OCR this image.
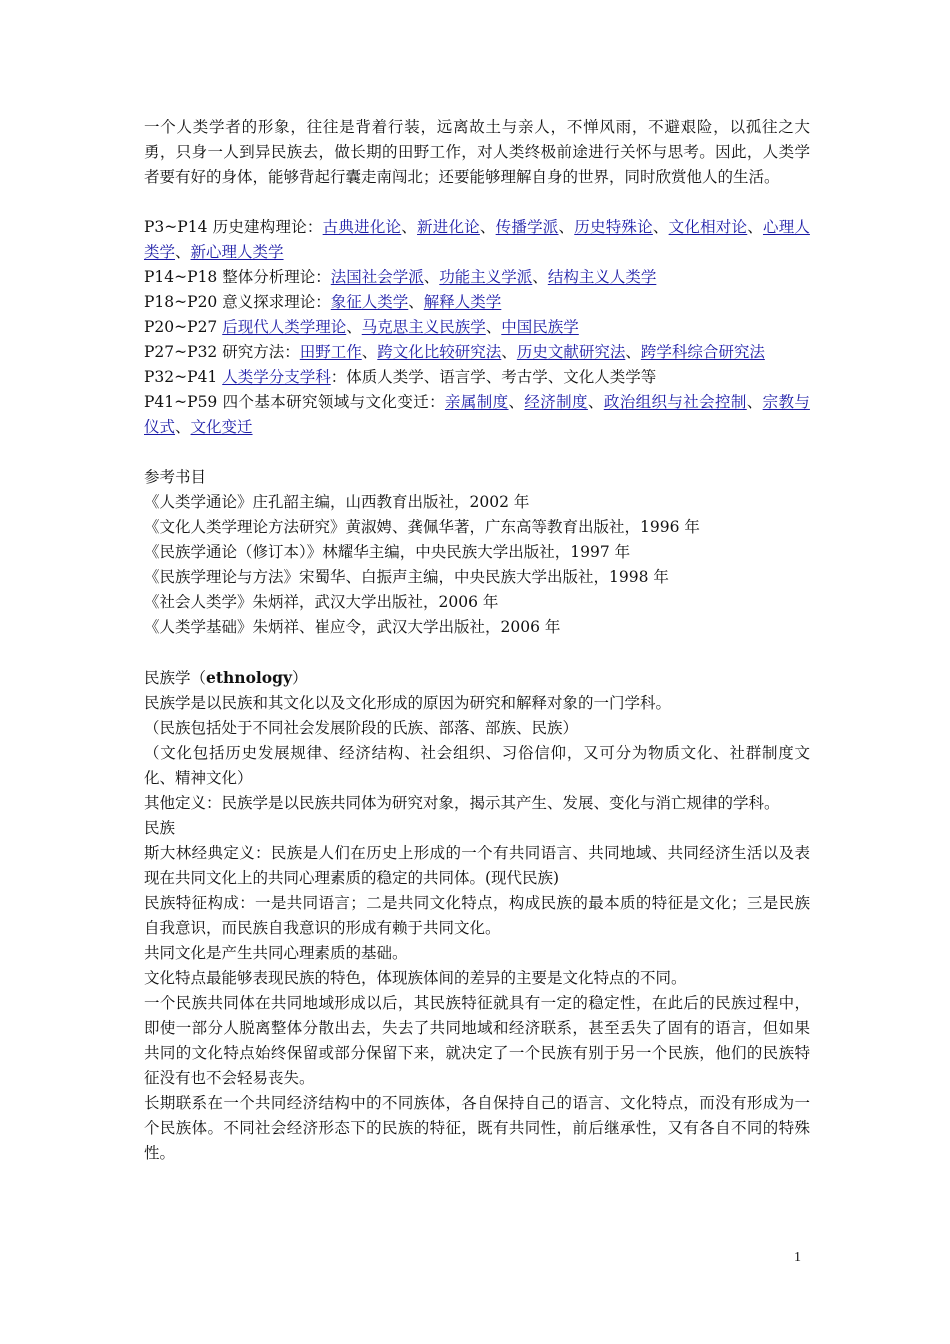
一个人类学者的形象，往往是背着行装，远离故土与亲人，不惮风雨，不避艰险，以孤往之大勇，只身一人到异民族去，做长期的田野工作，对人类终极前途进行关怀与思考。因此，人类学者要有好的身体，能够背起行囊走南闯北；还要能够理解自身的世界，同时欣赏他人的生活。

P3~P14 历史建构理论：古典进化论、新进化论、传播学派、历史特殊论、文化相对论、心理人类学、新心理人类学

P14~P18 整体分析理论：法国社会学派、功能主义学派、结构主义人类学

P18~P20 意义探求理论：象征人类学、解释人类学

P20~P27 后现代人类学理论、马克思主义民族学、中国民族学

P27~P32 研究方法：田野工作、跨文化比较研究法、历史文献研究法、跨学科综合研究法

P32~P41 人类学分支学科：体质人类学、语言学、考古学、文化人类学等

P41~P59 四个基本研究领域与文化变迁：亲属制度、经济制度、政治组织与社会控制、宗教与仪式、文化变迁

参考书目

《人类学通论》庄孔韶主编，山西教育出版社，2002 年

《文化人类学理论方法研究》黄淑娉、龚佩华著，广东高等教育出版社，1996 年

《民族学通论（修订本）》林耀华主编，中央民族大学出版社，1997 年

《民族学理论与方法》宋蜀华、白振声主编，中央民族大学出版社，1998 年

《社会人类学》朱炳祥，武汉大学出版社，2006 年

《人类学基础》朱炳祥、崔应令，武汉大学出版社，2006 年

民族学（ethnology）

民族学是以民族和其文化以及文化形成的原因为研究和解释对象的一门学科。

（民族包括处于不同社会发展阶段的氏族、部落、部族、民族）

（文化包括历史发展规律、经济结构、社会组织、习俗信仰，又可分为物质文化、社群制度文化、精神文化）

其他定义：民族学是以民族共同体为研究对象，揭示其产生、发展、变化与消亡规律的学科。

民族

斯大林经典定义：民族是人们在历史上形成的一个有共同语言、共同地域、共同经济生活以及表现在共同文化上的共同心理素质的稳定的共同体。(现代民族)

民族特征构成：一是共同语言；二是共同文化特点，构成民族的最本质的特征是文化；三是民族自我意识，而民族自我意识的形成有赖于共同文化。

共同文化是产生共同心理素质的基础。

文化特点最能够表现民族的特色，体现族体间的差异的主要是文化特点的不同。

一个民族共同体在共同地域形成以后，其民族特征就具有一定的稳定性，在此后的民族过程中，即使一部分人脱离整体分散出去，失去了共同地域和经济联系，甚至丢失了固有的语言，但如果共同的文化特点始终保留或部分保留下来，就决定了一个民族有别于另一个民族，他们的民族特征没有也不会轻易丧失。

长期联系在一个共同经济结构中的不同族体，各自保持自己的语言、文化特点，而没有形成为一个民族体。不同社会经济形态下的民族的特征，既有共同性，前后继承性，又有各自不同的特殊性。

1
